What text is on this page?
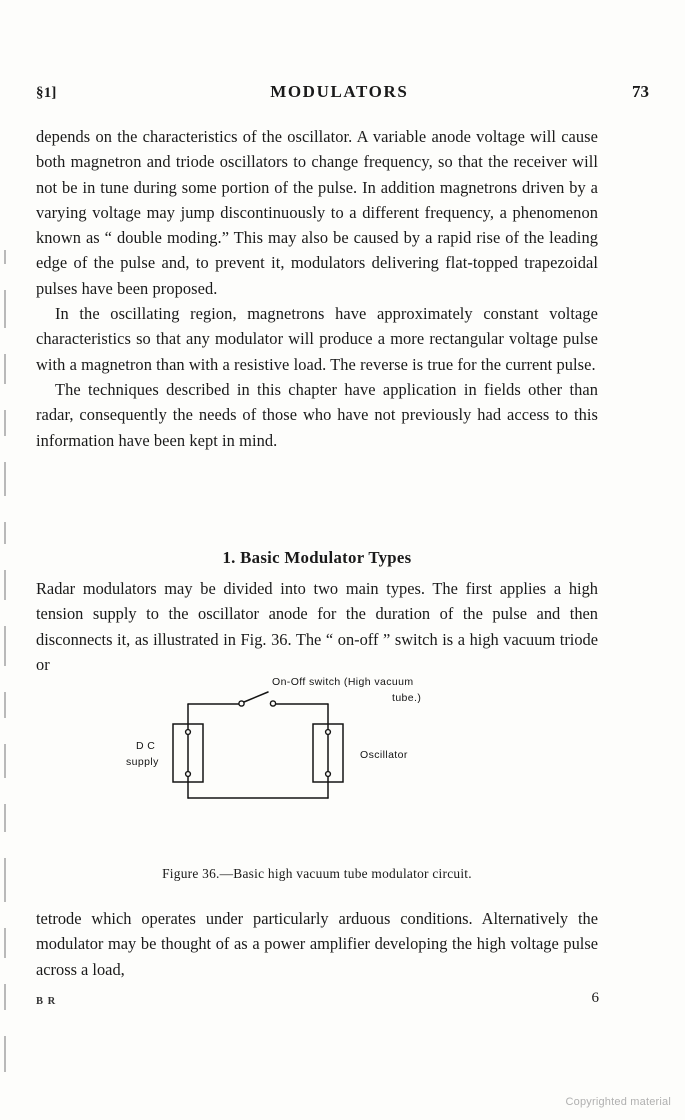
§1]	MODULATORS	73

depends on the characteristics of the oscillator. A variable anode voltage will cause both magnetron and triode oscillators to change frequency, so that the receiver will not be in tune during some portion of the pulse. In addition magnetrons driven by a varying voltage may jump discontinuously to a different frequency, a phenomenon known as “ double moding.” This may also be caused by a rapid rise of the leading edge of the pulse and, to prevent it, modulators delivering flat-topped trapezoidal pulses have been proposed.

In the oscillating region, magnetrons have approximately constant voltage characteristics so that any modulator will produce a more rectangular voltage pulse with a magnetron than with a resistive load. The reverse is true for the current pulse.

The techniques described in this chapter have application in fields other than radar, consequently the needs of those who have not previously had access to this information have been kept in mind.

1. Basic Modulator Types

Radar modulators may be divided into two main types. The first applies a high tension supply to the oscillator anode for the duration of the pulse and then disconnects it, as illustrated in Fig. 36. The “ on-off ” switch is a high vacuum triode or

On-Off switch (High vacuum
tube.)
D C
supply
Oscillator
Figure 36.—Basic high vacuum tube modulator circuit.

tetrode which operates under particularly arduous conditions. Alternatively the modulator may be thought of as a power amplifier developing the high voltage pulse across a load,

B R	6
Copyrighted material
